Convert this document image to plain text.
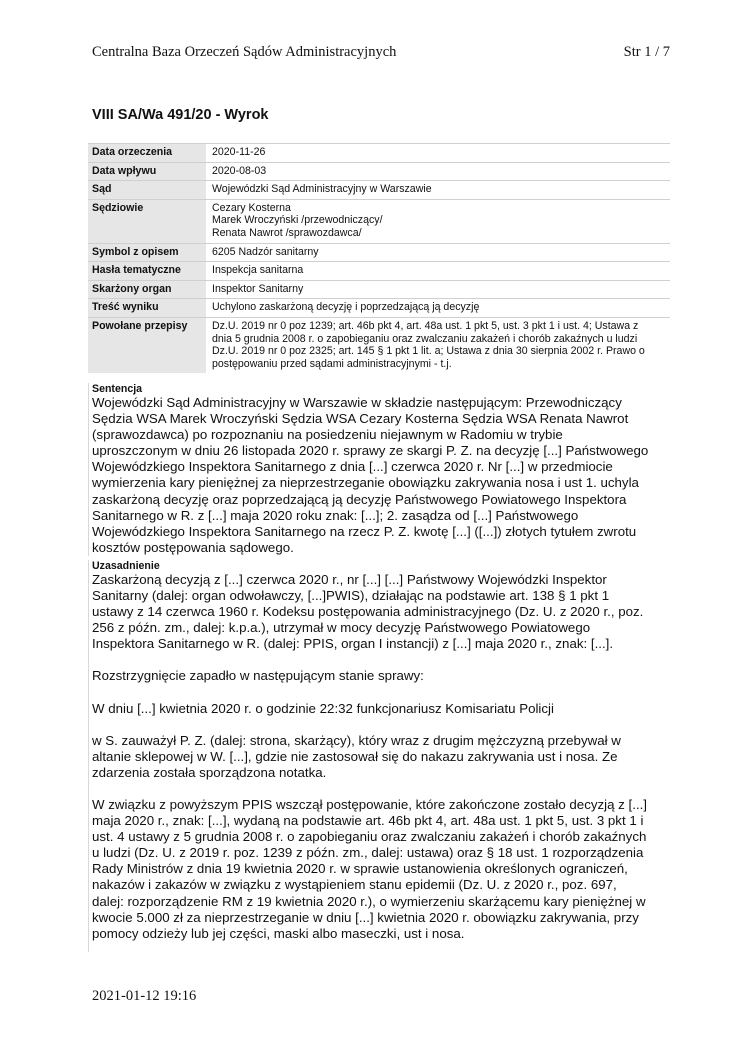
Centralna Baza Orzeczeń Sądów Administracyjnych	Str 1 / 7
VIII SA/Wa 491/20 - Wyrok
Data orzeczenia	2020-11-26

Data wpływu	2020-08-03

Sąd	Wojewódzki Sąd Administracyjny w Warszawie

Sędziowie	Cezary Kosterna
Marek Wroczyński /przewodniczący/
Renata Nawrot /sprawozdawca/

Symbol z opisem	6205 Nadzór sanitarny

Hasła tematyczne	Inspekcja sanitarna

Skarżony organ	Inspektor Sanitarny

Treść wyniku	Uchylono zaskarżoną decyzję i poprzedzającą ją decyzję

Powołane przepisy	Dz.U. 2019 nr 0 poz 1239; art. 46b pkt 4, art. 48a ust. 1 pkt 5, ust. 3 pkt 1 i ust. 4; Ustawa z
dnia 5 grudnia 2008 r. o zapobieganiu oraz zwalczaniu zakażeń i chorób zakaźnych u ludzi
Dz.U. 2019 nr 0 poz 2325; art. 145 § 1 pkt 1 lit. a; Ustawa z dnia 30 sierpnia 2002 r. Prawo o
postępowaniu przed sądami administracyjnymi - t.j.
Sentencja
Wojewódzki Sąd Administracyjny w Warszawie w składzie następującym: Przewodniczący
Sędzia WSA Marek Wroczyński Sędzia WSA Cezary Kosterna Sędzia WSA Renata Nawrot
(sprawozdawca) po rozpoznaniu na posiedzeniu niejawnym w Radomiu w trybie
uproszczonym w dniu 26 listopada 2020 r. sprawy ze skargi P. Z. na decyzję [...] Państwowego
Wojewódzkiego Inspektora Sanitarnego z dnia [...] czerwca 2020 r. Nr [...] w przedmiocie
wymierzenia kary pieniężnej za nieprzestrzeganie obowiązku zakrywania nosa i ust 1. uchyla
zaskarżoną decyzję oraz poprzedzającą ją decyzję Państwowego Powiatowego Inspektora
Sanitarnego w R. z [...] maja 2020 roku znak: [...]; 2. zasądza od [...] Państwowego
Wojewódzkiego Inspektora Sanitarnego na rzecz P. Z. kwotę [...] ([...]) złotych tytułem zwrotu
kosztów postępowania sądowego.
Uzasadnienie

Zaskarżoną decyzją z [...] czerwca 2020 r., nr [...] [...] Państwowy Wojewódzki Inspektor
Sanitarny (dalej: organ odwoławczy, [...]PWIS), działając na podstawie art. 138 § 1 pkt 1
ustawy z 14 czerwca 1960 r. Kodeksu postępowania administracyjnego (Dz. U. z 2020 r., poz.
256 z późn. zm., dalej: k.p.a.), utrzymał w mocy decyzję Państwowego Powiatowego
Inspektora Sanitarnego w R. (dalej: PPIS, organ I instancji) z [...] maja 2020 r., znak: [...].

Rozstrzygnięcie zapadło w następującym stanie sprawy:

W dniu [...] kwietnia 2020 r. o godzinie 22:32 funkcjonariusz Komisariatu Policji

w S. zauważył P. Z. (dalej: strona, skarżący), który wraz z drugim mężczyzną przebywał w
altanie sklepowej w W. [...], gdzie nie zastosował się do nakazu zakrywania ust i nosa. Ze
zdarzenia została sporządzona notatka.

W związku z powyższym PPIS wszczął postępowanie, które zakończone zostało decyzją z [...]
maja 2020 r., znak: [...], wydaną na podstawie art. 46b pkt 4, art. 48a ust. 1 pkt 5, ust. 3 pkt 1 i
ust. 4 ustawy z 5 grudnia 2008 r. o zapobieganiu oraz zwalczaniu zakażeń i chorób zakaźnych
u ludzi (Dz. U. z 2019 r. poz. 1239 z późn. zm., dalej: ustawa) oraz § 18 ust. 1 rozporządzenia
Rady Ministrów z dnia 19 kwietnia 2020 r. w sprawie ustanowienia określonych ograniczeń,
nakazów i zakazów w związku z wystąpieniem stanu epidemii (Dz. U. z 2020 r., poz. 697,
dalej: rozporządzenie RM z 19 kwietnia 2020 r.), o wymierzeniu skarżącemu kary pieniężnej w
kwocie 5.000 zł za nieprzestrzeganie w dniu [...] kwietnia 2020 r. obowiązku zakrywania, przy
pomocy odzieży lub jej części, maski albo maseczki, ust i nosa.

2021-01-12 19:16
